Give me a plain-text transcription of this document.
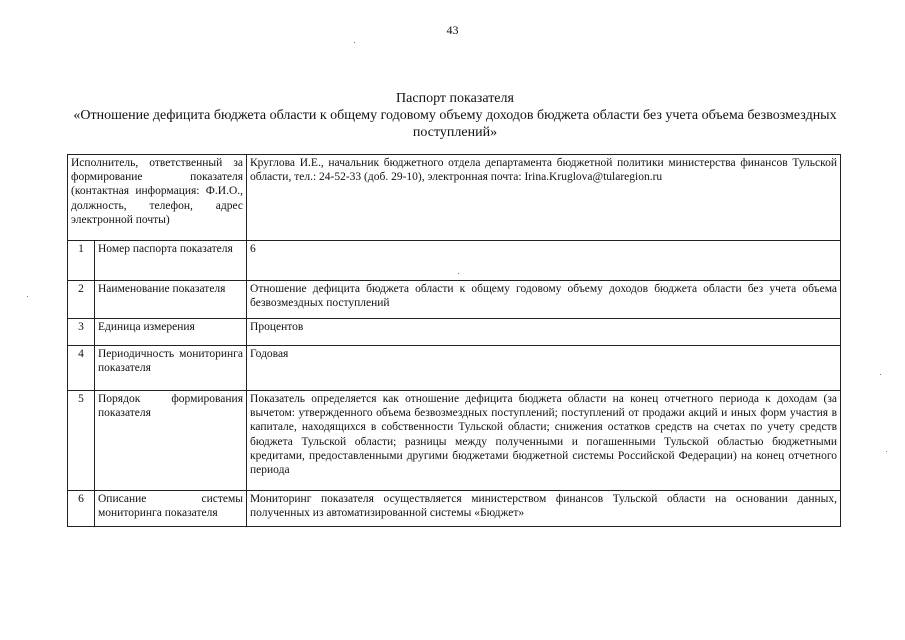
43
Паспорт показателя
«Отношение дефицита бюджета области к общему годовому объему доходов бюджета области без учета объема безвозмездных поступлений»
Исполнитель, ответственный за формирование показателя (контактная информация: Ф.И.О., должность, телефон, адрес электронной почты)		Круглова И.Е., начальник бюджетного отдела департамента бюджетной политики министерства финансов Тульской области, тел.: 24-52-33 (доб. 29-10), электронная почта: Irina.Kruglova@tularegion.ru
1	Номер паспорта показателя	6
2	Наименование показателя	Отношение дефицита бюджета области к общему годовому объему доходов бюджета области без учета объема безвозмездных поступлений
3	Единица измерения	Процентов
4	Периодичность мониторинга показателя	Годовая
5	Порядок формирования показателя	Показатель определяется как отношение дефицита бюджета области на конец отчетного периода к доходам (за вычетом: утвержденного объема безвозмездных поступлений; поступлений от продажи акций и иных форм участия в капитале, находящихся в собственности Тульской области; снижения остатков средств на счетах по учету средств бюджета Тульской области; разницы между полученными и погашенными Тульской областью бюджетными кредитами, предоставленными другими бюджетами бюджетной системы Российской Федерации) на конец отчетного периода
6	Описание системы мониторинга показателя	Мониторинг показателя осуществляется министерством финансов Тульской области на основании данных, полученных из автоматизированной системы «Бюджет»
